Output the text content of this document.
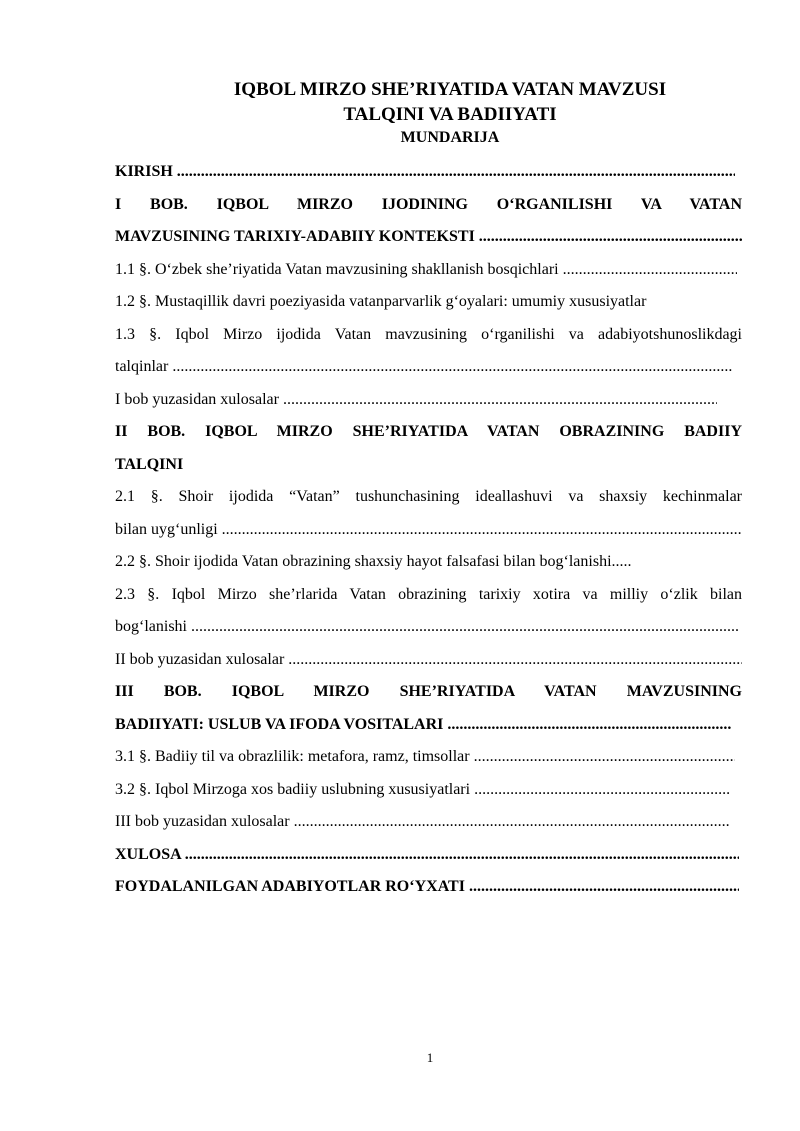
IQBOL MIRZO SHE’RIYATIDA VATAN MAVZUSI
TALQINI VA BADIIYATI
MUNDARIJA
KIRISH .....
I BOB. IQBOL MIRZO IJODINING O‘RGANILISHI VA VATAN
MAVZUSINING TARIXIY-ADABIIY KONTEKSTI .....
1.1 §. O‘zbek she’riyatida Vatan mavzusining shakllanish bosqichlari .....
1.2 §. Mustaqillik davri poeziyasida vatanparvarlik g‘oyalari: umumiy xususiyatlar
1.3 §. Iqbol Mirzo ijodida Vatan mavzusining o‘rganilishi va adabiyotshunoslikdagi
talqinlar .....
I bob yuzasidan xulosalar .....
II BOB. IQBOL MIRZO SHE’RIYATIDA VATAN OBRAZINING BADIIY
TALQINI
2.1 §. Shoir ijodida “Vatan” tushunchasining ideallashuvi va shaxsiy kechinmalar
bilan uyg‘unligi .....
2.2 §. Shoir ijodida Vatan obrazining shaxsiy hayot falsafasi bilan bog‘lanishi.....
2.3 §. Iqbol Mirzo she’rlarida Vatan obrazining tarixiy xotira va milliy o‘zlik bilan
bog‘lanishi .....
II bob yuzasidan xulosalar .....
III BOB. IQBOL MIRZO SHE’RIYATIDA VATAN MAVZUSINING
BADIIYATI: USLUB VA IFODA VOSITALARI .....
3.1 §. Badiiy til va obrazlilik: metafora, ramz, timsollar .....
3.2 §. Iqbol Mirzoga xos badiiy uslubning xususiyatlari .....
III bob yuzasidan xulosalar .....
XULOSA .....
FOYDALANILGAN ADABIYOTLAR RO‘YXATI .....
1
